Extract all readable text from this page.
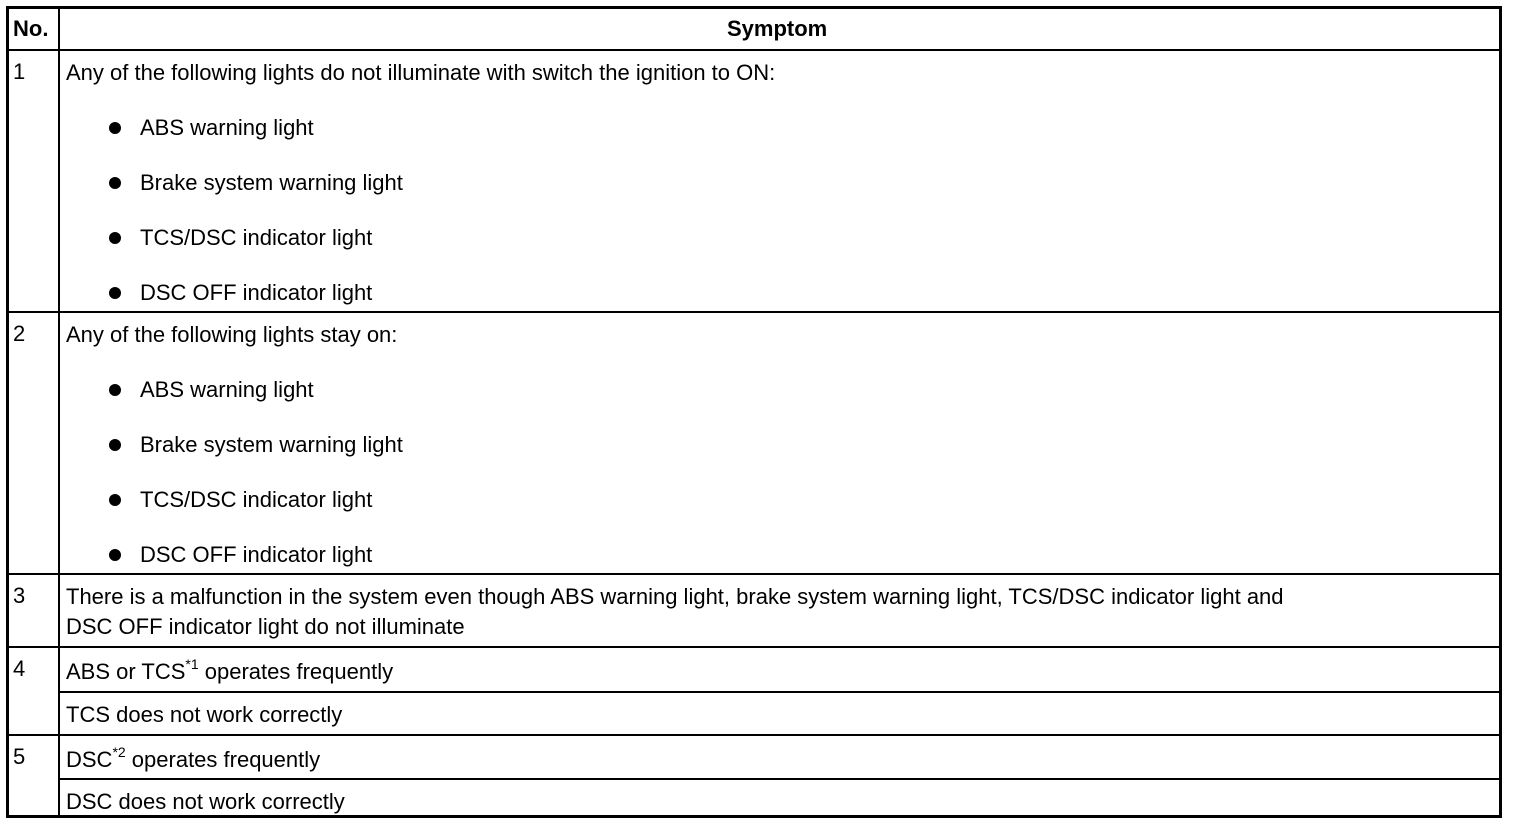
No.	Symptom
1 Any of the following lights do not illuminate with switch the ignition to ON:
ABS warning light
Brake system warning light
TCS/DSC indicator light
DSC OFF indicator light
2 Any of the following lights stay on:
ABS warning light
Brake system warning light
TCS/DSC indicator light
DSC OFF indicator light
3 There is a malfunction in the system even though ABS warning light, brake system warning light, TCS/DSC indicator light and
DSC OFF indicator light do not illuminate
4 ABS or TCS$^{*1}$ operates frequently
TCS does not work correctly
5 DSC$^{*2}$ operates frequently
DSC does not work correctly
